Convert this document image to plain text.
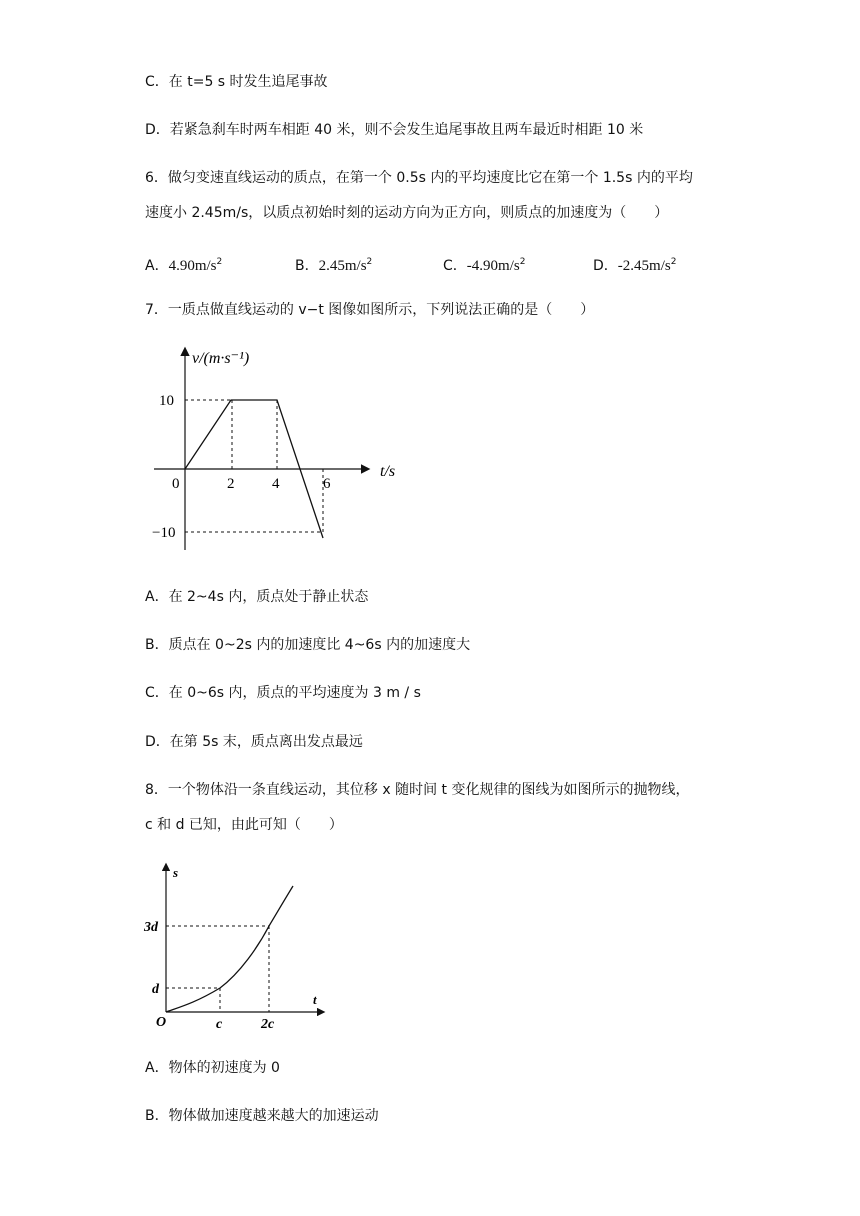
C．在 t=5 s 时发生追尾事故
D．若紧急刹车时两车相距 40 米，则不会发生追尾事故且两车最近时相距 10 米
6．做匀变速直线运动的质点，在第一个 0.5s 内的平均速度比它在第一个 1.5s 内的平均
速度小 2.45m/s，以质点初始时刻的运动方向为正方向，则质点的加速度为（　　）
A．$4.90m/s^2$	B．$2.45m/s^2$	C．$-4.90m/s^2$	D．$-2.45m/s^2$
7．一质点做直线运动的 v−t 图像如图所示，下列说法正确的是（　　）
v/(m·s⁻¹)
t/s
0
10
−10
2	4	6
A．在 2~4s 内，质点处于静止状态
B．质点在 0~2s 内的加速度比 4~6s 内的加速度大
C．在 0~6s 内，质点的平均速度为 3 m / s
D．在第 5s 末，质点离出发点最远
8．一个物体沿一条直线运动，其位移 x 随时间 t 变化规律的图线为如图所示的抛物线，
c 和 d 已知，由此可知（　　）
s
t
O
3d
d
c	2c
A．物体的初速度为 0
B．物体做加速度越来越大的加速运动
